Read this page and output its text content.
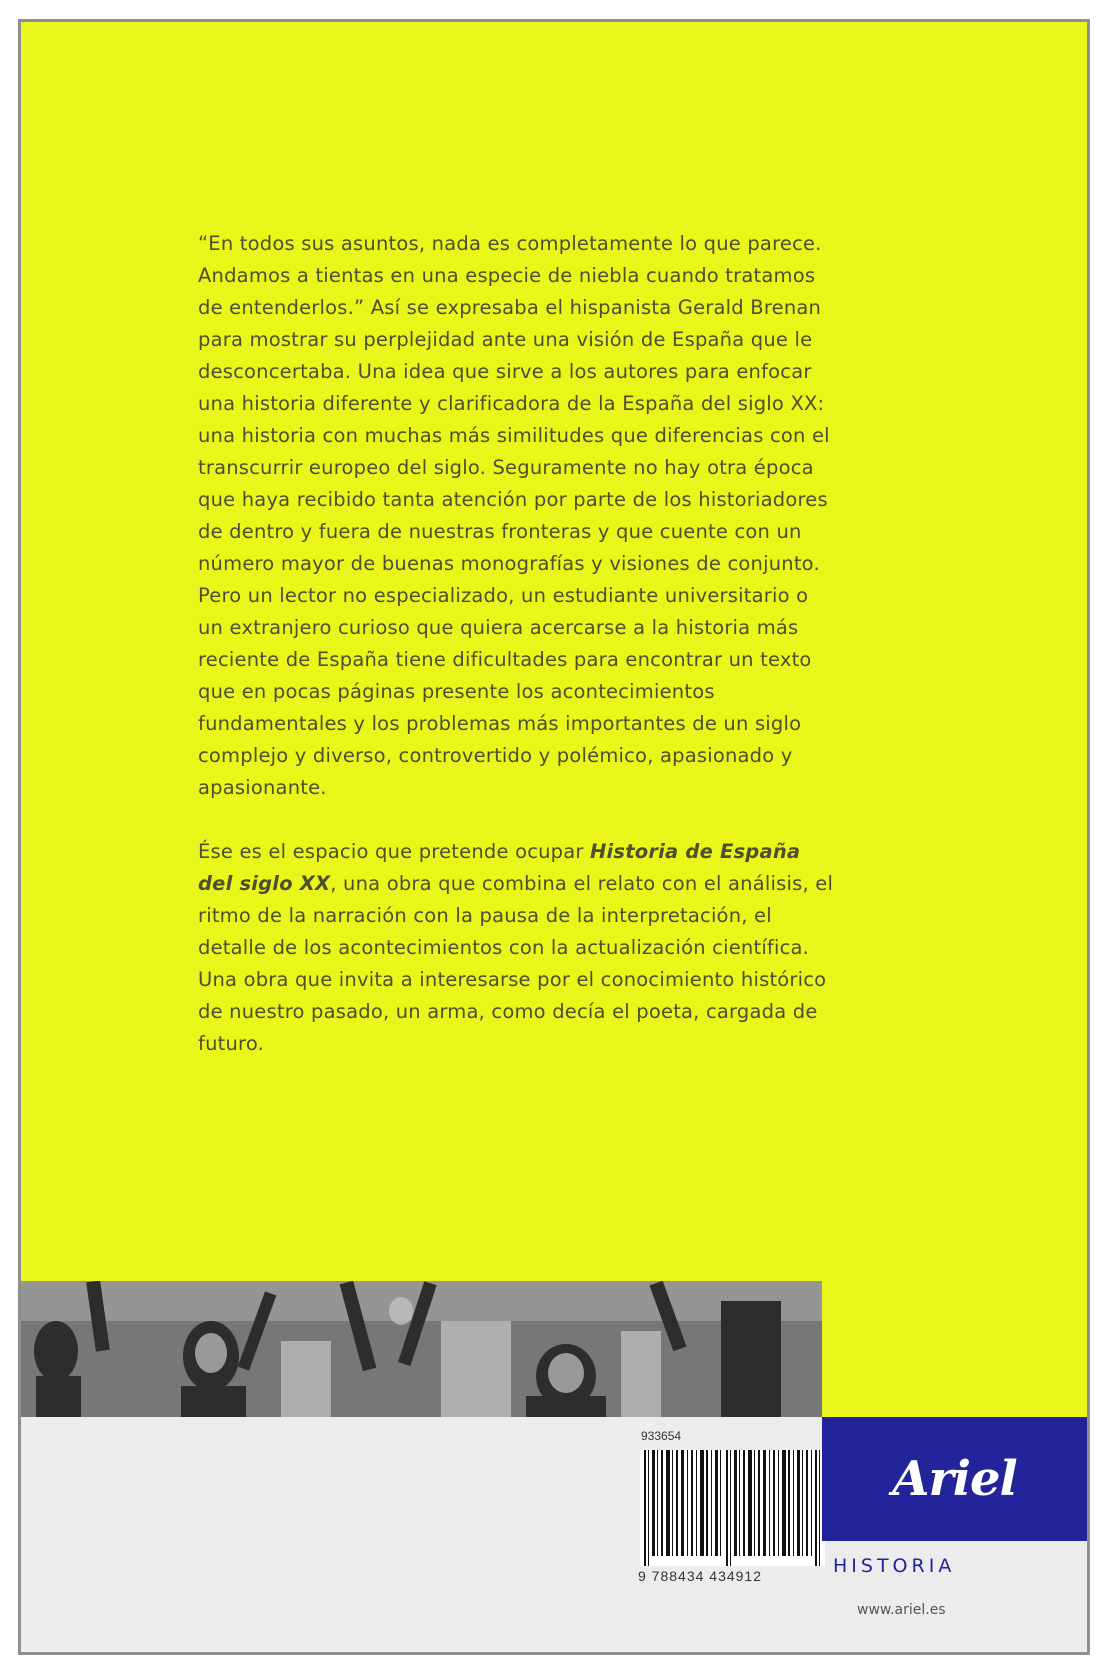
“En todos sus asuntos, nada es completamente lo que parece. Andamos a tientas en una especie de niebla cuando tratamos de entenderlos.” Así se expresaba el hispanista Gerald Brenan para mostrar su perplejidad ante una visión de España que le desconcertaba. Una idea que sirve a los autores para enfocar una historia diferente y clarificadora de la España del siglo XX: una historia con muchas más similitudes que diferencias con el transcurrir europeo del siglo. Seguramente no hay otra época que haya recibido tanta atención por parte de los historiadores de dentro y fuera de nuestras fronteras y que cuente con un número mayor de buenas monografías y visiones de conjunto. Pero un lector no especializado, un estudiante universitario o un extranjero curioso que quiera acercarse a la historia más reciente de España tiene dificultades para encontrar un texto que en pocas páginas presente los acontecimientos fundamentales y los problemas más importantes de un siglo complejo y diverso, controvertido y polémico, apasionado y apasionante.

Ése es el espacio que pretende ocupar Historia de España del siglo XX, una obra que combina el relato con el análisis, el ritmo de la narración con la pausa de la interpretación, el detalle de los acontecimientos con la actualización científica. Una obra que invita a interesarse por el conocimiento histórico de nuestro pasado, un arma, como decía el poeta, cargada de futuro.

933654
9 788434 434912
Ariel
HISTORIA
www.ariel.es
